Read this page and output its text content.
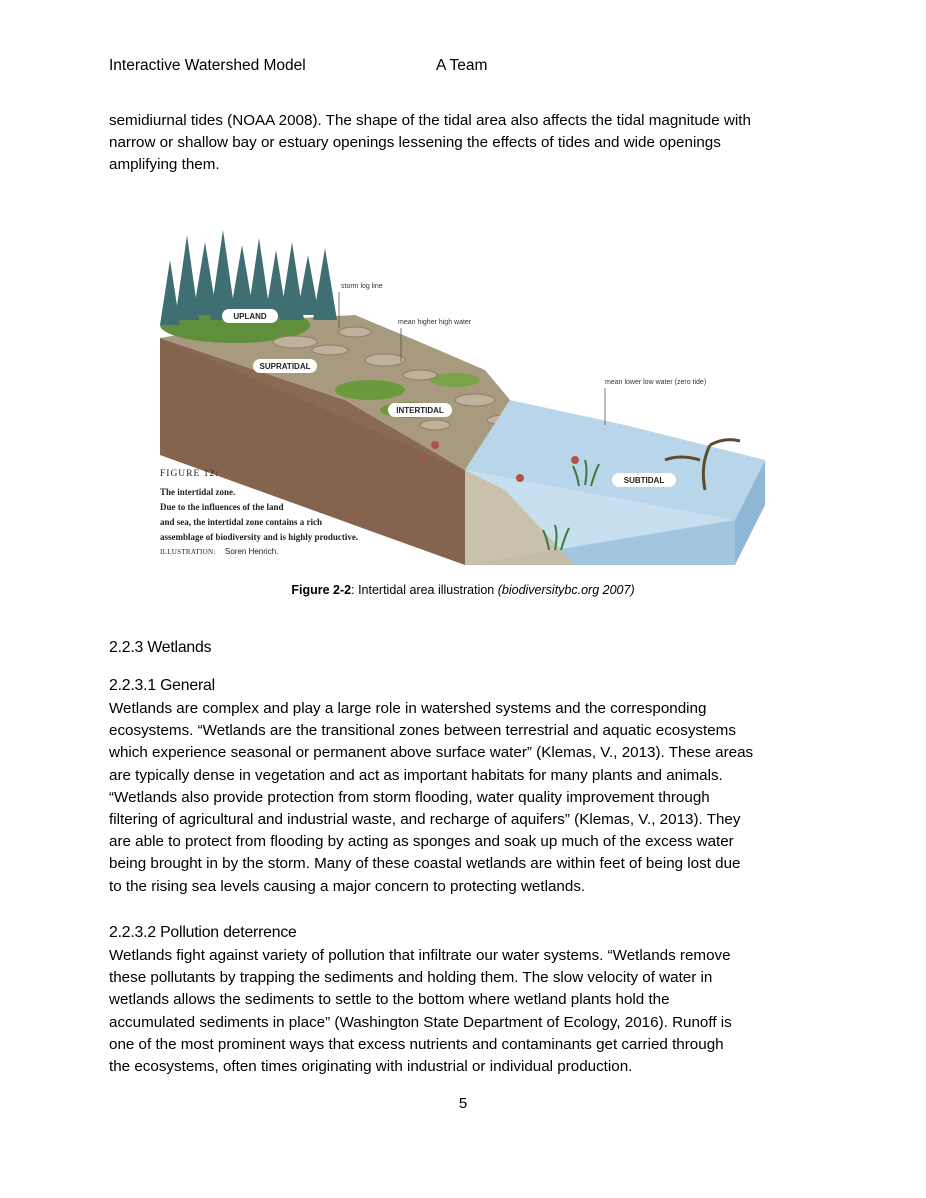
Interactive Watershed Model	A Team
semidiurnal tides (NOAA 2008). The shape of the tidal area also affects the tidal magnitude with
narrow or shallow bay or estuary openings lessening the effects of tides and wide openings
amplifying them.
UPLAND
SUPRATIDAL
INTERTIDAL
SUBTIDAL
storm log line
mean higher high water
mean lower low water (zero tide)
FIGURE 12:
The intertidal zone.
Due to the influences of the land
and sea, the intertidal zone contains a rich
assemblage of biodiversity and is highly productive.
ILLUSTRATION: Soren Henrich.
Figure 2-2: Intertidal area illustration (biodiversitybc.org 2007)
2.2.3 Wetlands
2.2.3.1 General
Wetlands are complex and play a large role in watershed systems and the corresponding
ecosystems. “Wetlands are the transitional zones between terrestrial and aquatic ecosystems
which experience seasonal or permanent above surface water” (Klemas, V., 2013). These areas
are typically dense in vegetation and act as important habitats for many plants and animals.
“Wetlands also provide protection from storm flooding, water quality improvement through
filtering of agricultural and industrial waste, and recharge of aquifers” (Klemas, V., 2013). They
are able to protect from flooding by acting as sponges and soak up much of the excess water
being brought in by the storm. Many of these coastal wetlands are within feet of being lost due
to the rising sea levels causing a major concern to protecting wetlands.
2.2.3.2 Pollution deterrence
Wetlands fight against variety of pollution that infiltrate our water systems. “Wetlands remove
these pollutants by trapping the sediments and holding them. The slow velocity of water in
wetlands allows the sediments to settle to the bottom where wetland plants hold the
accumulated sediments in place” (Washington State Department of Ecology, 2016). Runoff is
one of the most prominent ways that excess nutrients and contaminants get carried through
the ecosystems, often times originating with industrial or individual production.
5
